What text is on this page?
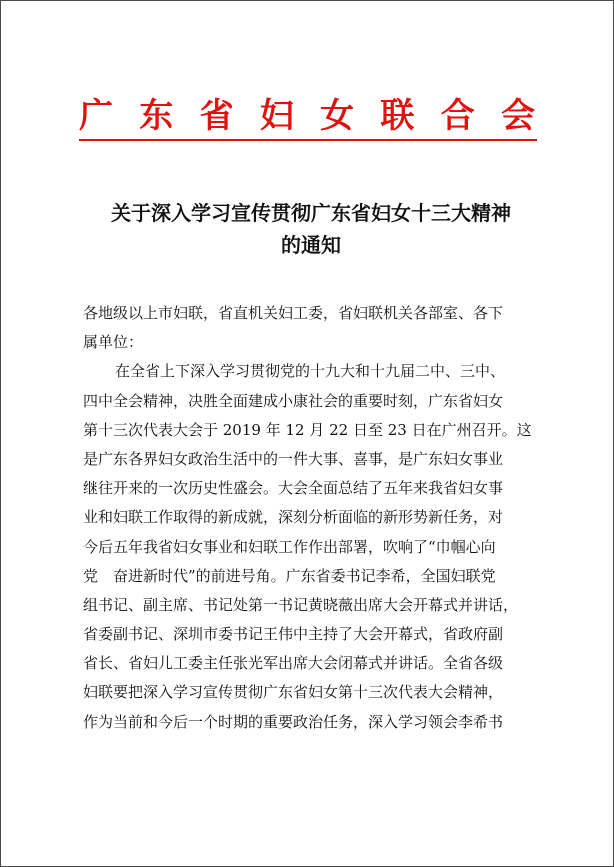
广 东 省 妇 女 联 合 会
关于深入学习宣传贯彻广东省妇女十三大精神
的通知
各地级以上市妇联，省直机关妇工委，省妇联机关各部室、各下
属单位：
在全省上下深入学习贯彻党的十九大和十九届二中、三中、
四中全会精神，决胜全面建成小康社会的重要时刻，广东省妇女
第十三次代表大会于 2019 年 12 月 22 日至 23 日在广州召开。这
是广东各界妇女政治生活中的一件大事、喜事，是广东妇女事业
继往开来的一次历史性盛会。大会全面总结了五年来我省妇女事
业和妇联工作取得的新成就，深刻分析面临的新形势新任务，对
今后五年我省妇女事业和妇联工作作出部署，吹响了“巾帼心向
党　奋进新时代”的前进号角。广东省委书记李希，全国妇联党
组书记、副主席、书记处第一书记黄晓薇出席大会开幕式并讲话，
省委副书记、深圳市委书记王伟中主持了大会开幕式，省政府副
省长、省妇儿工委主任张光军出席大会闭幕式并讲话。全省各级
妇联要把深入学习宣传贯彻广东省妇女第十三次代表大会精神，
作为当前和今后一个时期的重要政治任务，深入学习领会李希书
